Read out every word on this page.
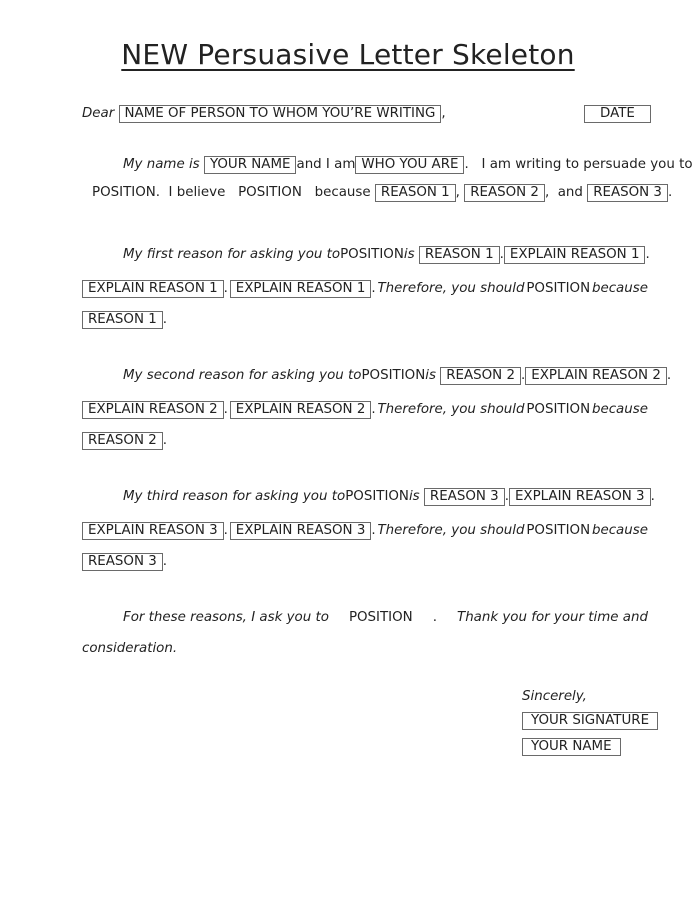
NEW Persuasive Letter Skeleton
Dear NAME OF PERSON TO WHOM YOU’RE WRITING ,	DATE
My name is YOUR NAME and I am WHO YOU ARE .   I am writing to persuade you to
POSITION.  I believe POSITION because REASON 1 , REASON 2 ,  and REASON 3 .
My first reason for asking you to POSITION is REASON 1 . EXPLAIN REASON 1 .
EXPLAIN REASON 1 . EXPLAIN REASON 1 . Therefore, you should POSITION because
REASON 1 .
My second reason for asking you to POSITION is REASON 2 . EXPLAIN REASON 2 .
EXPLAIN REASON 2 . EXPLAIN REASON 2 . Therefore, you should POSITION because
REASON 2 .
My third reason for asking you to POSITION is REASON 3 . EXPLAIN REASON 3 .
EXPLAIN REASON 3 . EXPLAIN REASON 3 . Therefore, you should POSITION because
REASON 3 .
For these reasons, I ask you to POSITION . Thank you for your time and
consideration.
Sincerely,
YOUR SIGNATURE
YOUR NAME
